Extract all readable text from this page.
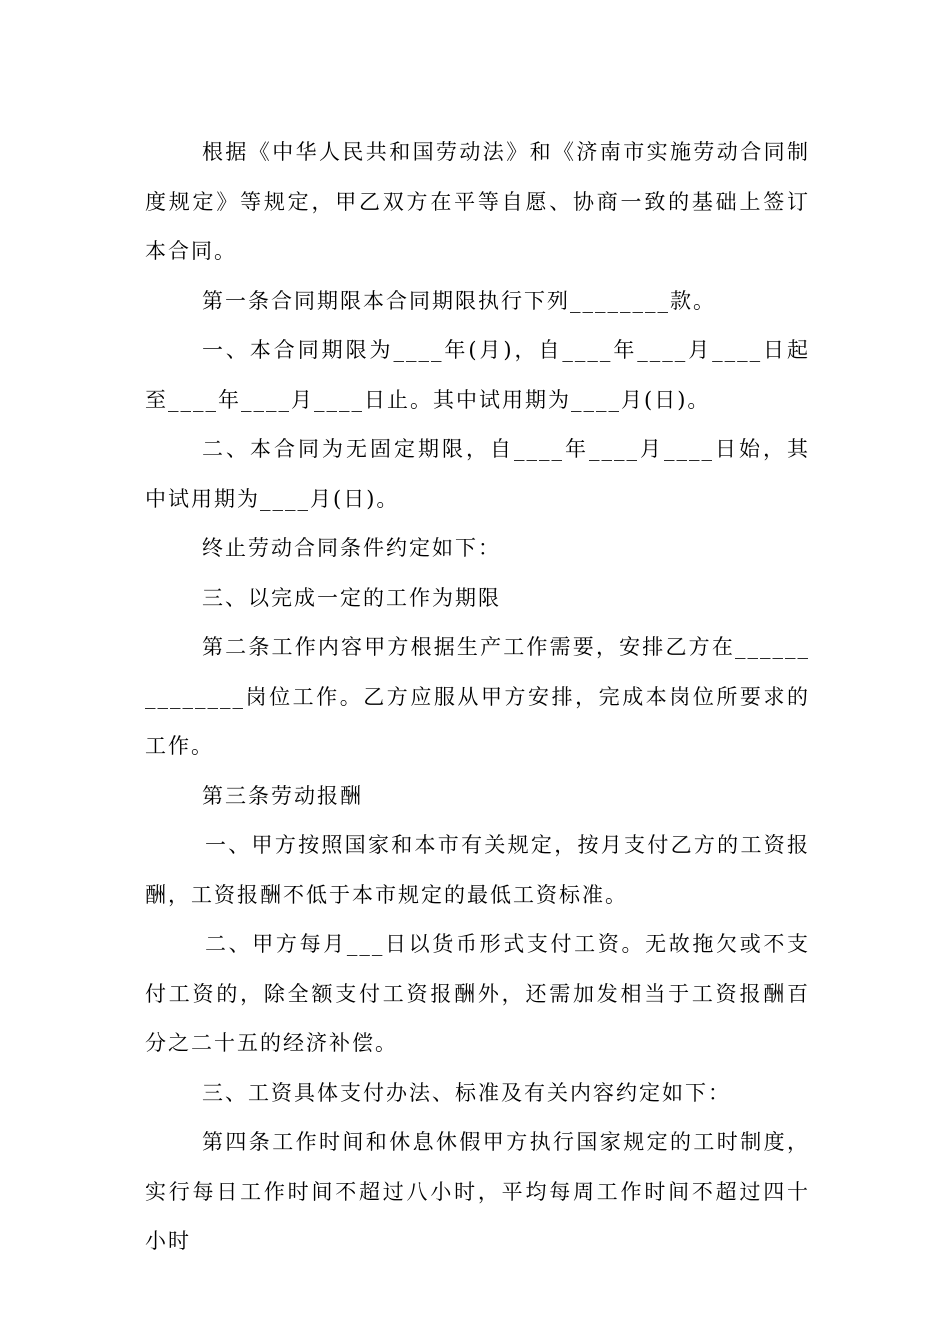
根据《中华人民共和国劳动法》和《济南市实施劳动合同制度规定》等规定，甲乙双方在平等自愿、协商一致的基础上签订本合同。

第一条合同期限本合同期限执行下列________款。

一、本合同期限为____年(月)，自____年____月____日起至____年____月____日止。其中试用期为____月(日)。

二、本合同为无固定期限，自____年____月____日始，其中试用期为____月(日)。

终止劳动合同条件约定如下：

三、以完成一定的工作为期限

第二条工作内容甲方根据生产工作需要，安排乙方在______________岗位工作。乙方应服从甲方安排，完成本岗位所要求的工作。

第三条劳动报酬

一、甲方按照国家和本市有关规定，按月支付乙方的工资报酬，工资报酬不低于本市规定的最低工资标准。

二、甲方每月___日以货币形式支付工资。无故拖欠或不支付工资的，除全额支付工资报酬外，还需加发相当于工资报酬百分之二十五的经济补偿。

三、工资具体支付办法、标准及有关内容约定如下：

第四条工作时间和休息休假甲方执行国家规定的工时制度，实行每日工作时间不超过八小时，平均每周工作时间不超过四十小时
